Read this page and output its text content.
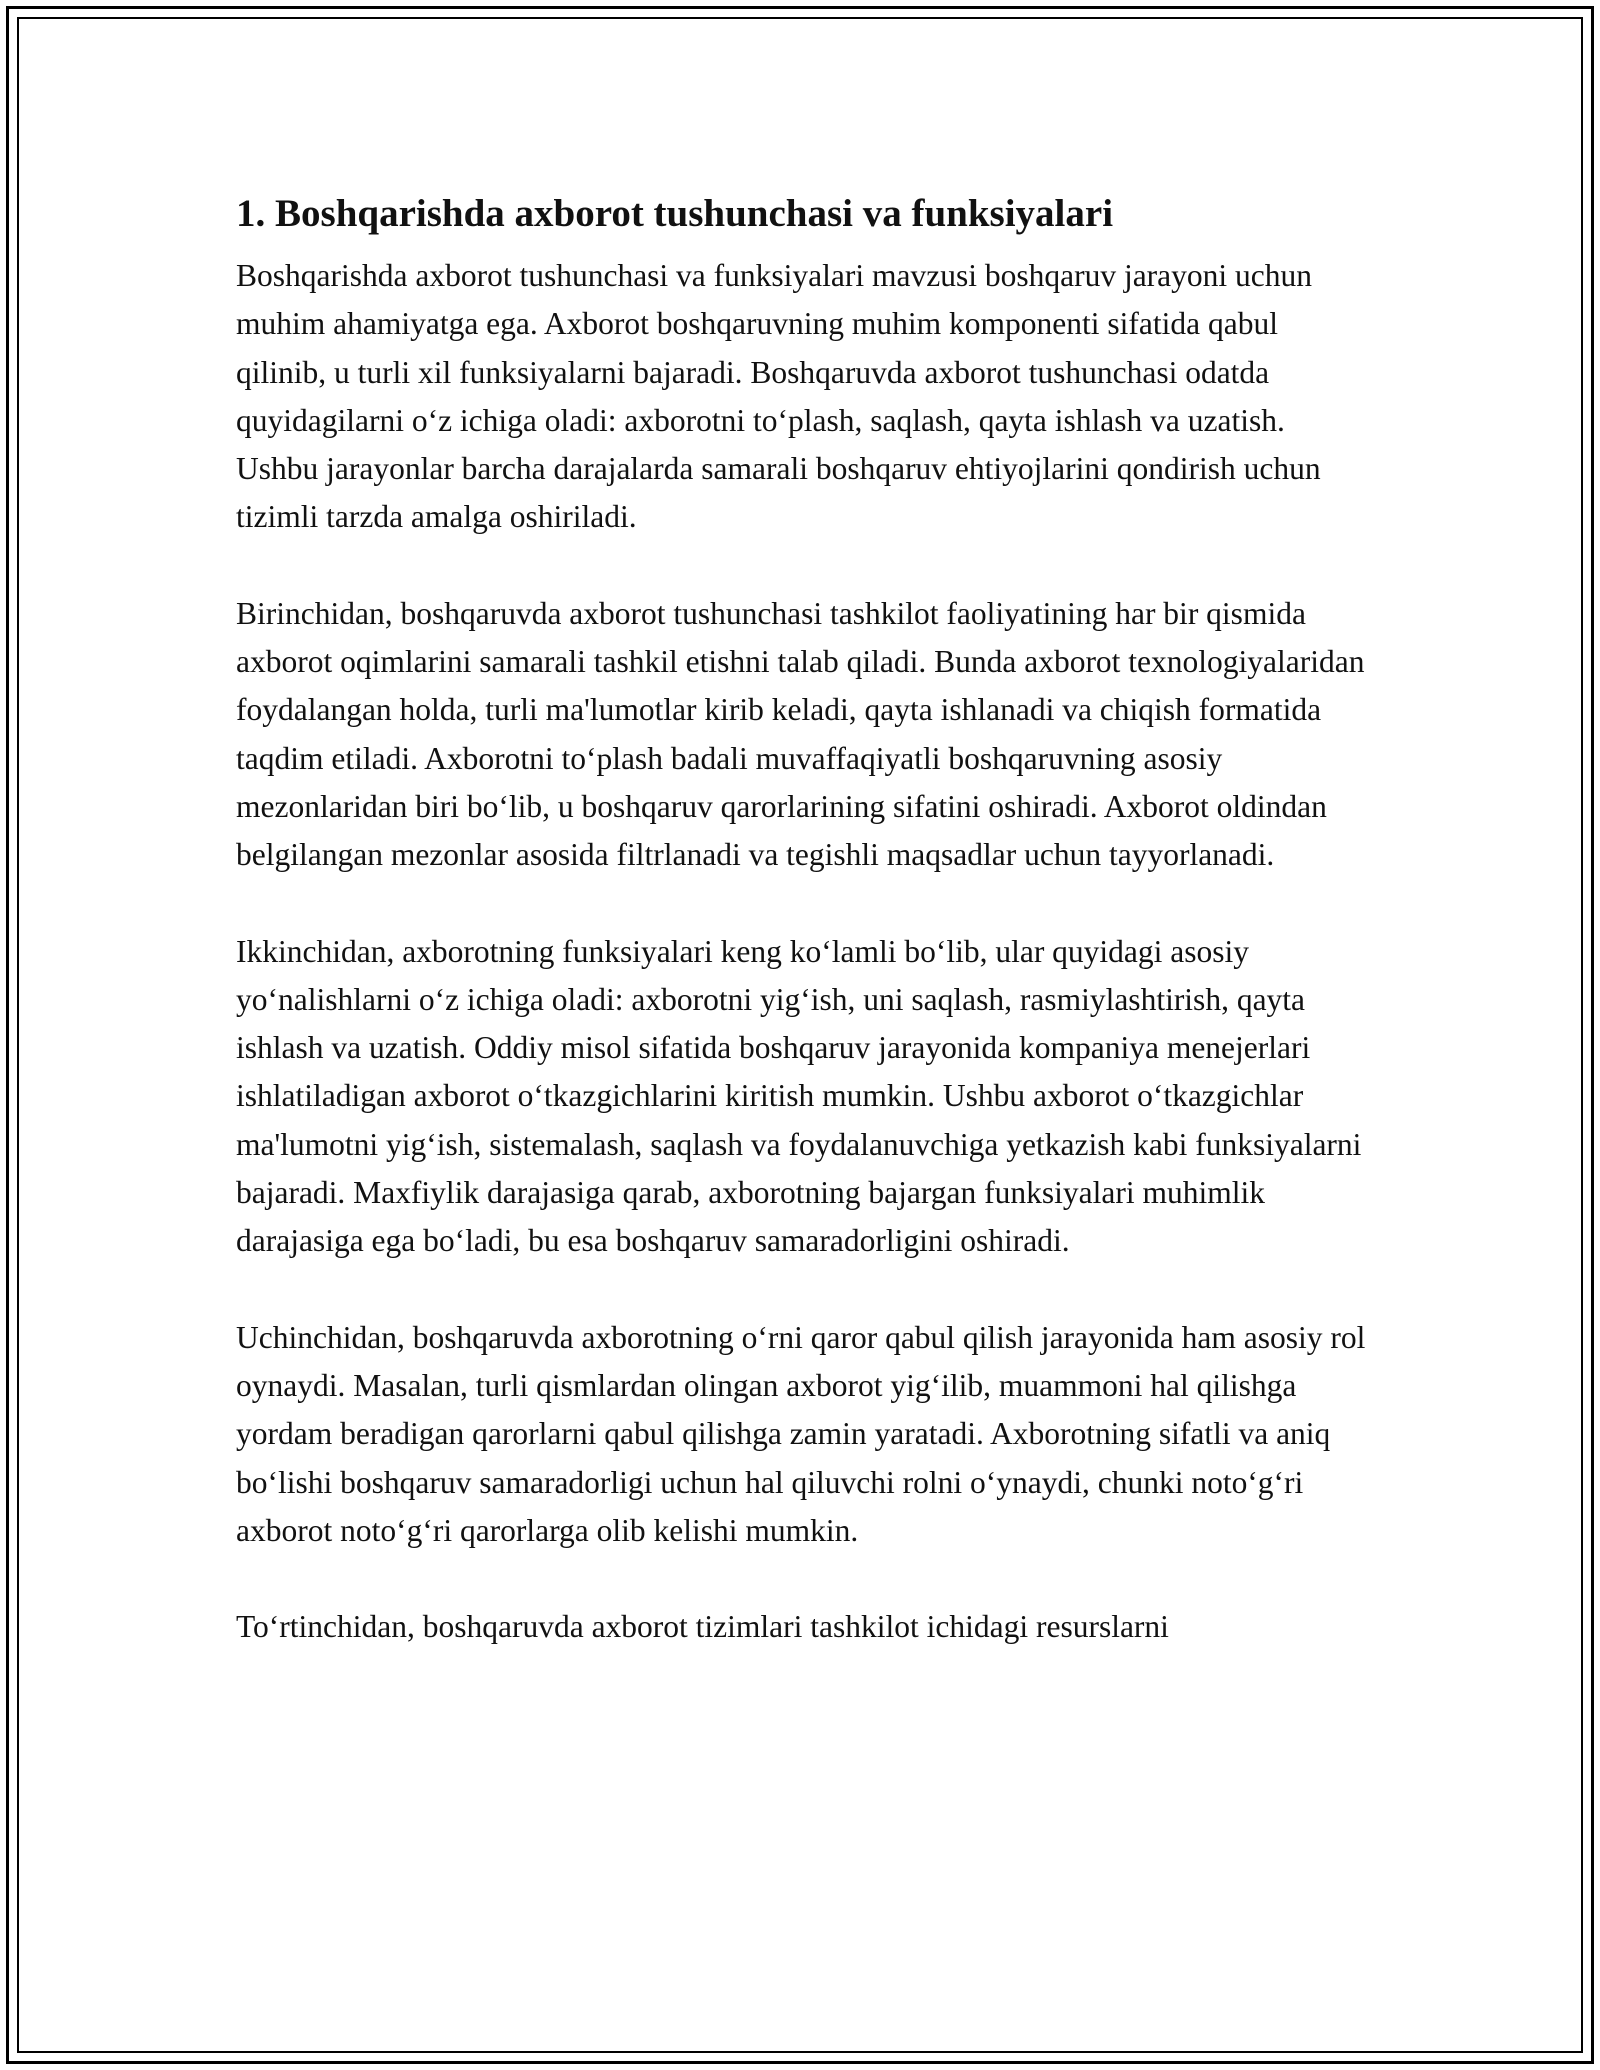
1. Boshqarishda axborot tushunchasi va funksiyalari

Boshqarishda axborot tushunchasi va funksiyalari mavzusi boshqaruv jarayoni uchun muhim ahamiyatga ega. Axborot boshqaruvning muhim komponenti sifatida qabul qilinib, u turli xil funksiyalarni bajaradi. Boshqaruvda axborot tushunchasi odatda quyidagilarni o‘z ichiga oladi: axborotni to‘plash, saqlash, qayta ishlash va uzatish. Ushbu jarayonlar barcha darajalarda samarali boshqaruv ehtiyojlarini qondirish uchun tizimli tarzda amalga oshiriladi.

Birinchidan, boshqaruvda axborot tushunchasi tashkilot faoliyatining har bir qismida axborot oqimlarini samarali tashkil etishni talab qiladi. Bunda axborot texnologiyalaridan foydalangan holda, turli ma'lumotlar kirib keladi, qayta ishlanadi va chiqish formatida taqdim etiladi. Axborotni to‘plash badali muvaffaqiyatli boshqaruvning asosiy mezonlaridan biri bo‘lib, u boshqaruv qarorlarining sifatini oshiradi. Axborot oldindan belgilangan mezonlar asosida filtrlanadi va tegishli maqsadlar uchun tayyorlanadi.

Ikkinchidan, axborotning funksiyalari keng ko‘lamli bo‘lib, ular quyidagi asosiy yo‘nalishlarni o‘z ichiga oladi: axborotni yig‘ish, uni saqlash, rasmiylashtirish, qayta ishlash va uzatish. Oddiy misol sifatida boshqaruv jarayonida kompaniya menejerlari ishlatiladigan axborot o‘tkazgichlarini kiritish mumkin. Ushbu axborot o‘tkazgichlar ma'lumotni yig‘ish, sistemalash, saqlash va foydalanuvchiga yetkazish kabi funksiyalarni bajaradi. Maxfiylik darajasiga qarab, axborotning bajargan funksiyalari muhimlik darajasiga ega bo‘ladi, bu esa boshqaruv samaradorligini oshiradi.

Uchinchidan, boshqaruvda axborotning o‘rni qaror qabul qilish jarayonida ham asosiy rol oynaydi. Masalan, turli qismlardan olingan axborot yig‘ilib, muammoni hal qilishga yordam beradigan qarorlarni qabul qilishga zamin yaratadi. Axborotning sifatli va aniq bo‘lishi boshqaruv samaradorligi uchun hal qiluvchi rolni o‘ynaydi, chunki noto‘g‘ri axborot noto‘g‘ri qarorlarga olib kelishi mumkin.

To‘rtinchidan, boshqaruvda axborot tizimlari tashkilot ichidagi resurslarni
